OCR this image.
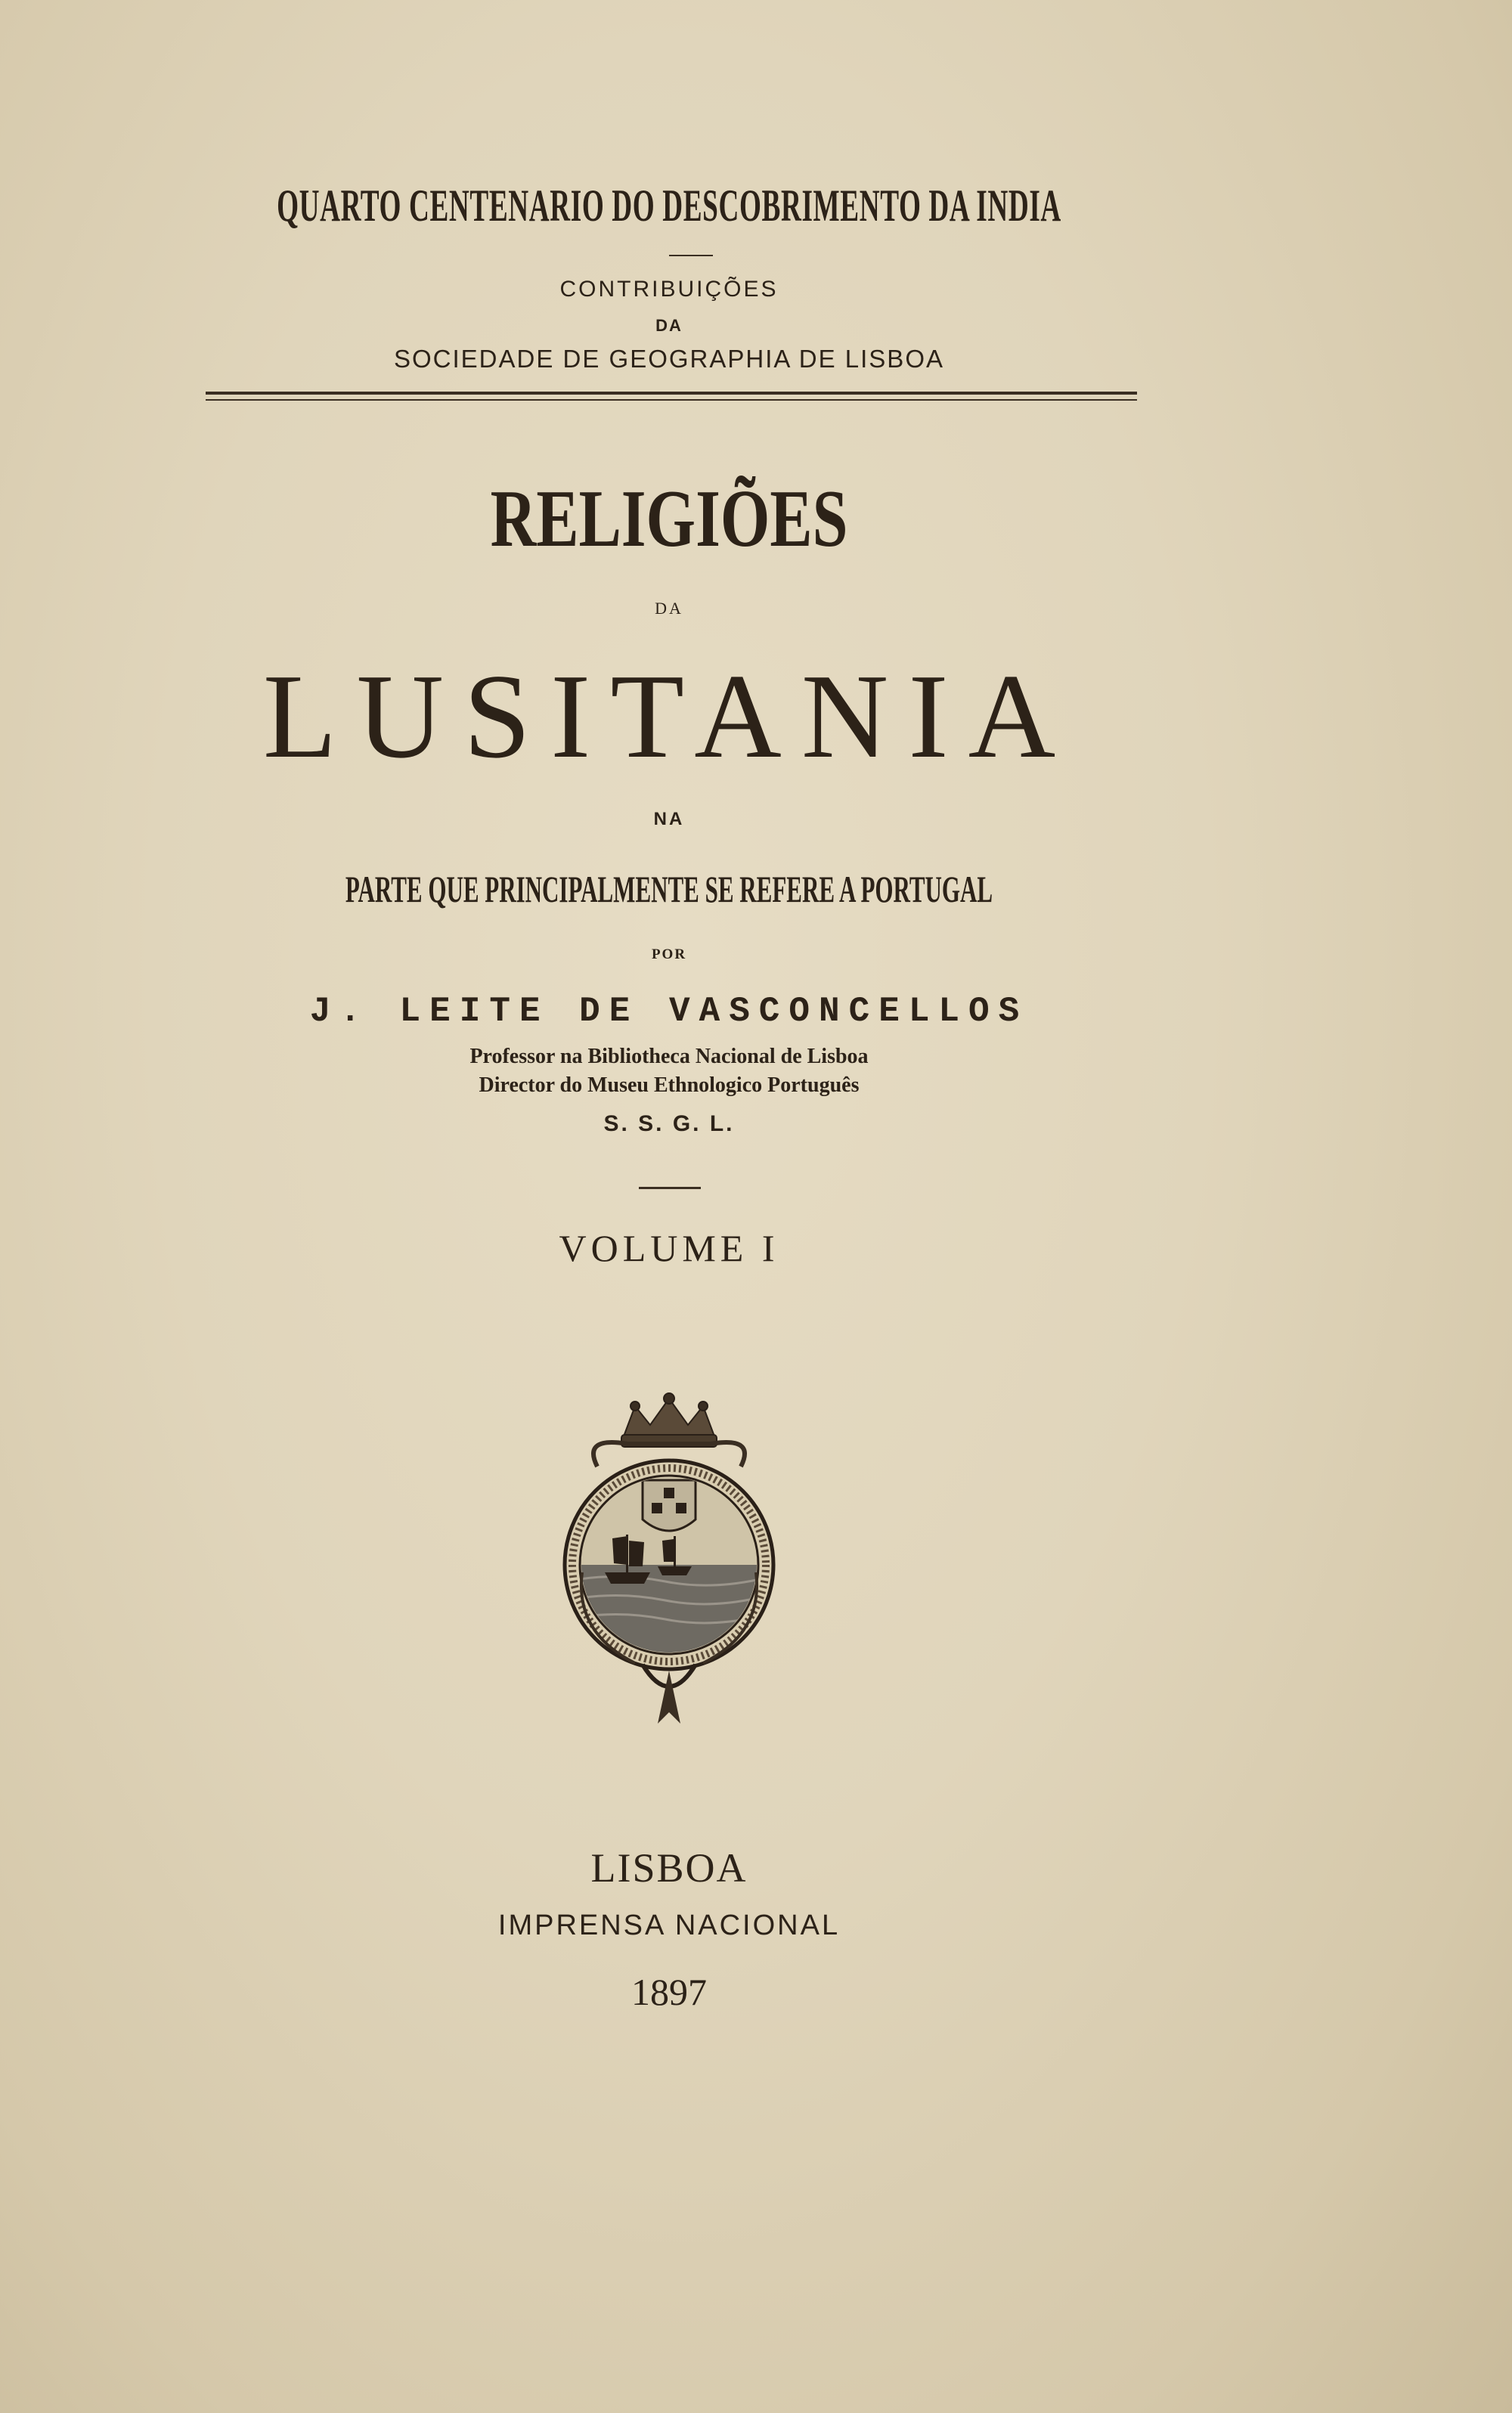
QUARTO CENTENARIO DO DESCOBRIMENTO DA INDIA
CONTRIBUIÇÕES
DA
SOCIEDADE DE GEOGRAPHIA DE LISBOA
RELIGIÕES
DA
LUSITANIA
NA
PARTE QUE PRINCIPALMENTE SE REFERE A PORTUGAL
POR
J. LEITE DE VASCONCELLOS
Professor na Bibliotheca Nacional de Lisboa
Director do Museu Ethnologico Português
S. S. G. L.
VOLUME I
LISBOA
IMPRENSA NACIONAL
1897
